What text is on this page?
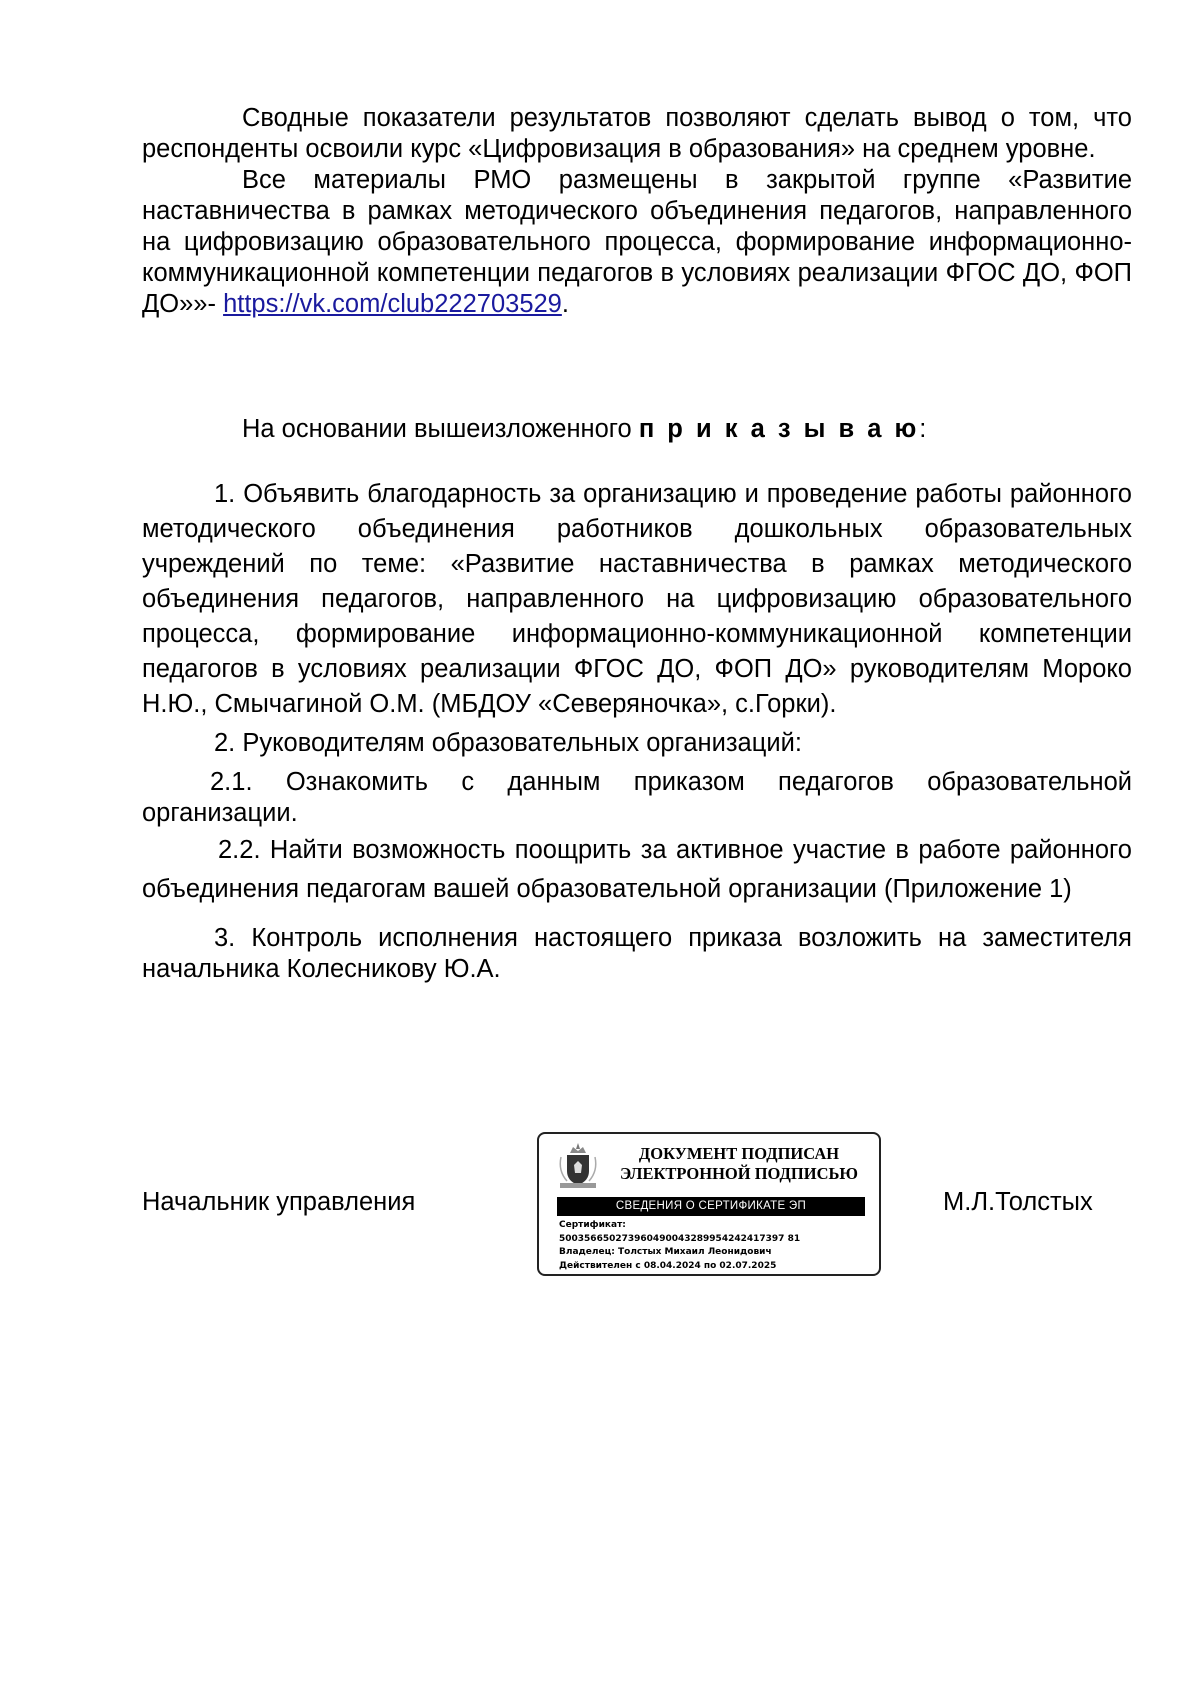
Сводные показатели результатов позволяют сделать вывод о том, что респонденты освоили курс «Цифровизация в образования» на среднем уровне.

Все материалы РМО размещены в закрытой группе «Развитие наставничества в рамках методического объединения педагогов, направленного на цифровизацию образовательного процесса, формирование информационно-коммуникационной компетенции педагогов в условиях реализации ФГОС ДО, ФОП ДО»»- https://vk.com/club222703529.

На основании вышеизложенного п р и к а з ы в а ю:

1. Объявить благодарность за организацию и проведение работы районного методического объединения работников дошкольных образовательных учреждений по теме: «Развитие наставничества в рамках методического объединения педагогов, направленного на цифровизацию образовательного процесса, формирование информационно-коммуникационной компетенции педагогов в условиях реализации ФГОС ДО, ФОП ДО» руководителям Мороко Н.Ю., Смычагиной О.М. (МБДОУ «Северяночка», с.Горки).

2. Руководителям образовательных организаций:

2.1. Ознакомить с данным приказом педагогов образовательной организации.

2.2. Найти возможность поощрить за активное участие в работе районного объединения педагогам вашей образовательной организации (Приложение 1)

3. Контроль исполнения настоящего приказа возложить на заместителя начальника Колесникову Ю.А.

Начальник управления	М.Л.Толстых
ДОКУМЕНТ ПОДПИСАН
ЭЛЕКТРОННОЙ ПОДПИСЬЮ
СВЕДЕНИЯ О СЕРТИФИКАТЕ ЭП
Сертификат:
500356650273960490043289954242417397 81
Владелец: Толстых Михаил Леонидович
Действителен с 08.04.2024 по 02.07.2025
